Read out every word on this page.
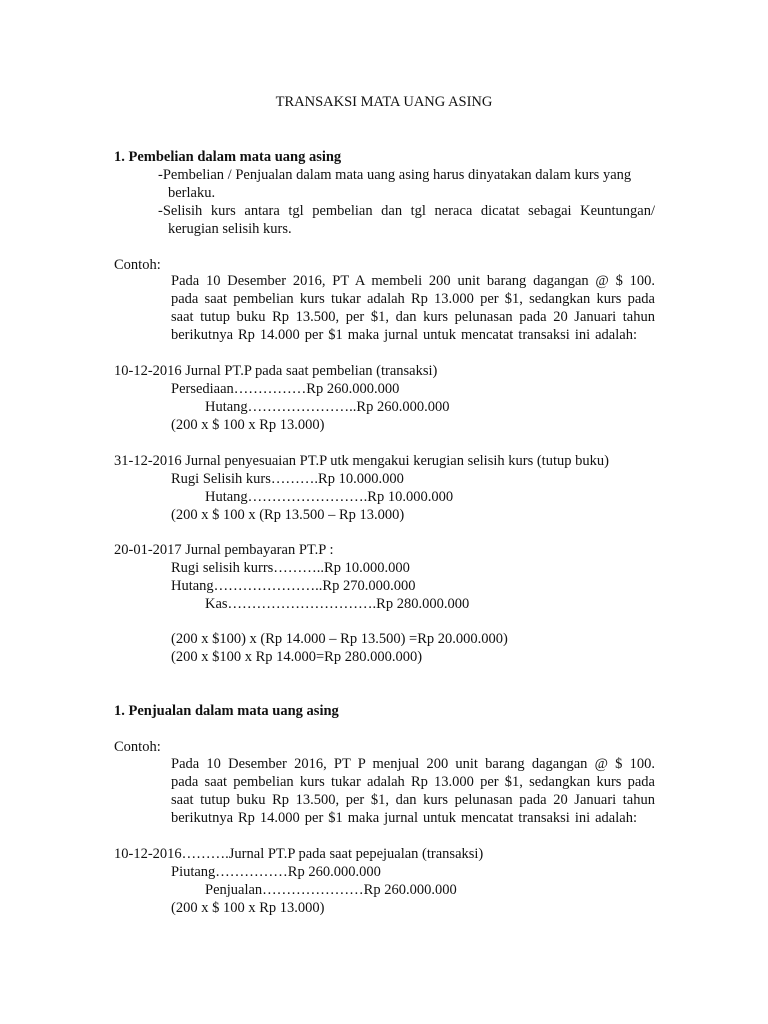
TRANSAKSI MATA UANG ASING
1. Pembelian dalam mata uang asing
-Pembelian / Penjualan dalam mata uang asing harus dinyatakan dalam kurs yang
berlaku.
-Selisih kurs antara tgl pembelian dan tgl neraca dicatat sebagai Keuntungan/
kerugian selisih kurs.
Contoh:
Pada 10 Desember 2016, PT A membeli 200 unit barang dagangan @ $ 100.
pada saat pembelian kurs tukar adalah Rp 13.000 per $1, sedangkan kurs pada
saat tutup buku Rp 13.500, per $1, dan kurs pelunasan pada 20 Januari tahun
berikutnya Rp 14.000 per $1 maka jurnal untuk mencatat transaksi ini adalah:
10-12-2016 Jurnal PT.P pada saat pembelian (transaksi)
Persediaan……………Rp 260.000.000
Hutang…………………..Rp 260.000.000
(200 x $ 100 x Rp 13.000)
31-12-2016 Jurnal penyesuaian PT.P utk mengakui kerugian selisih kurs (tutup buku)
Rugi Selisih kurs……….Rp 10.000.000
Hutang…………………….Rp 10.000.000
(200 x $ 100 x (Rp 13.500 – Rp 13.000)
20-01-2017 Jurnal pembayaran PT.P :
Rugi selisih kurrs………..Rp 10.000.000
Hutang…………………..Rp 270.000.000
Kas………………………….Rp 280.000.000
(200 x $100) x (Rp 14.000 – Rp 13.500) =Rp 20.000.000)
(200 x $100 x Rp 14.000=Rp 280.000.000)
1. Penjualan dalam mata uang asing
Contoh:
Pada 10 Desember 2016, PT P menjual 200 unit barang dagangan @ $ 100.
pada saat pembelian kurs tukar adalah Rp 13.000 per $1, sedangkan kurs pada
saat tutup buku Rp 13.500, per $1, dan kurs pelunasan pada 20 Januari tahun
berikutnya Rp 14.000 per $1 maka jurnal untuk mencatat transaksi ini adalah:
10-12-2016……….Jurnal PT.P pada saat pepejualan (transaksi)
Piutang……………Rp 260.000.000
Penjualan…………………Rp 260.000.000
(200 x $ 100 x Rp 13.000)
